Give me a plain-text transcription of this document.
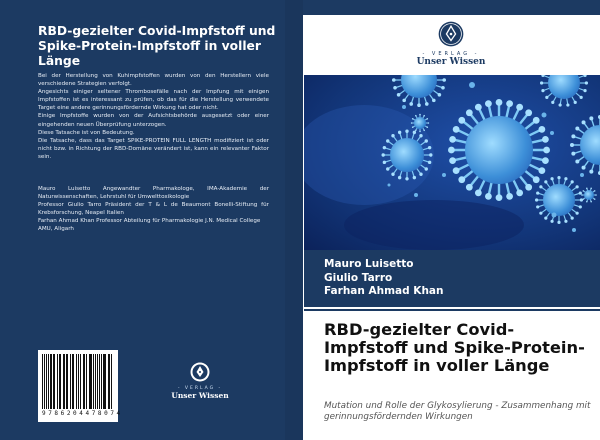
RBD-gezielter Covid-Impfstoff und Spike-Protein-Impfstoff in voller Länge
Bei der Herstellung von Kuhimpfstoffen wurden von den Herstellern viele verschiedene Strategien verfolgt.
Angesichts einiger seltener Thrombosefälle nach der Impfung mit einigen Impfstoffen ist es interessant zu prüfen, ob das für die Herstellung verwendete Target eine andere gerinnungsfördernde Wirkung hat oder nicht.
Einige Impfstoffe wurden von der Aufsichtsbehörde ausgesetzt oder einer eingehenden neuen Überprüfung unterzogen.
Diese Tatsache ist von Bedeutung.
Die Tatsache, dass das Target SPIKE-PROTEIN FULL LENGTH modifiziert ist oder nicht bzw. in Richtung der RBD-Domäne verändert ist, kann ein relevanter Faktor sein.
Mauro Luisetto Angewandter Pharmakologe, IMA-Akademie der Naturwissenschaften, Lehrstuhl für Umwelttoxikologie
Professor Giulio Tarro Präsident der T & L de Beaumont Bonelli-Stiftung für Krebsforschung, Neapel Italien
Farhan Ahmad Khan Professor Abteilung für Pharmakologie J.N. Medical College
AMU, Aligarh
9786204478074
- VERLAG -
Unser Wissen
- VERLAG -
Unser Wissen
Mauro Luisetto
Giulio Tarro
Farhan Ahmad Khan
RBD-gezielter Covid-Impfstoff und Spike-Protein-Impfstoff in voller Länge
Mutation und Rolle der Glykosylierung - Zusammenhang mit gerinnungsfördernden Wirkungen
